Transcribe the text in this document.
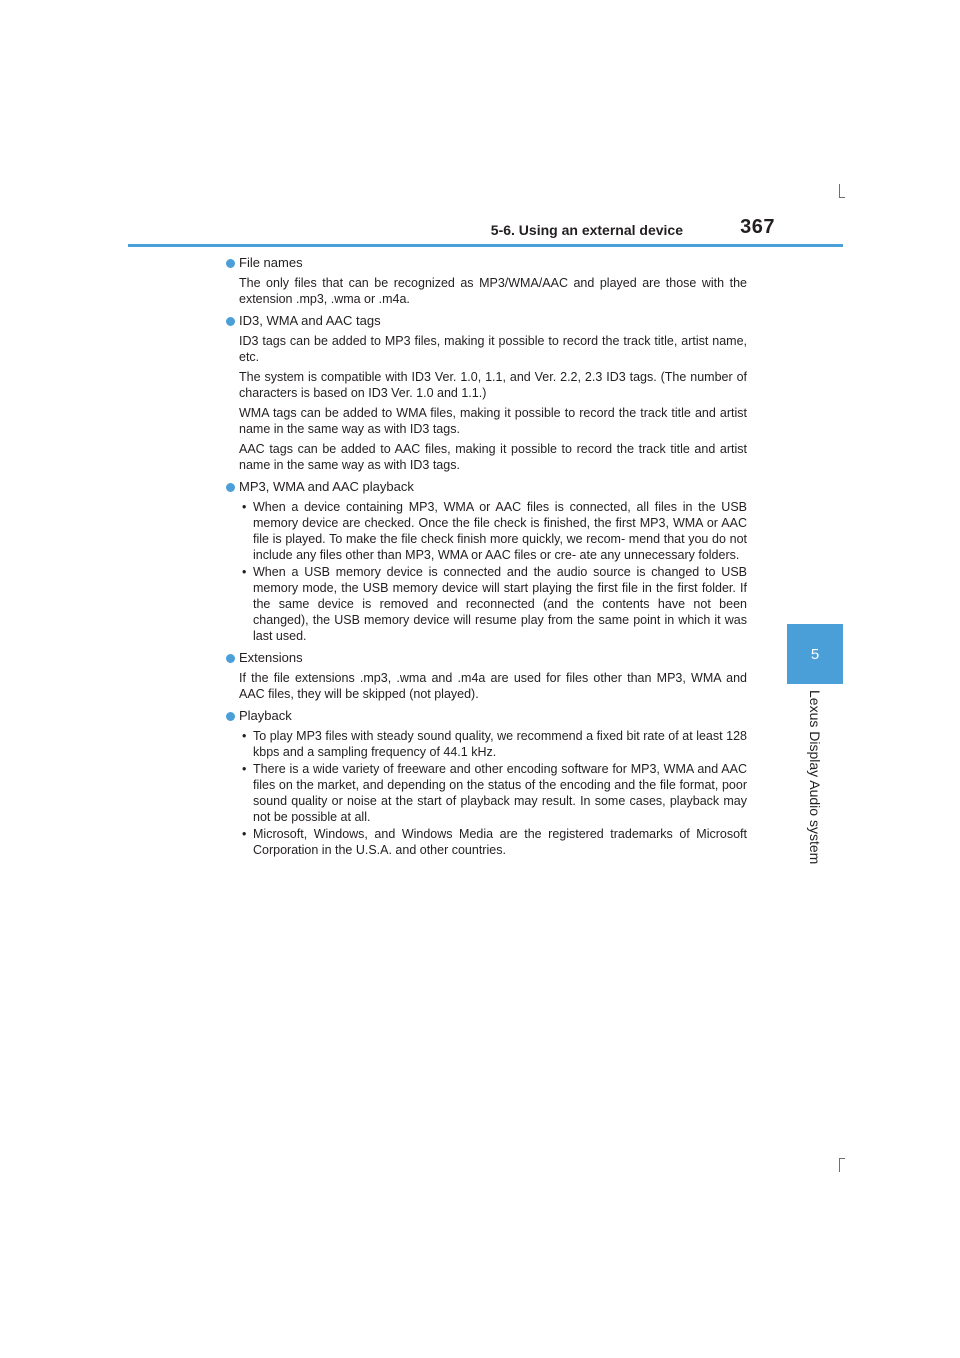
5-6. Using an external device	367
5
Lexus Display Audio system
File names

The only files that can be recognized as MP3/WMA/AAC and played are those with the extension .mp3, .wma or .m4a.

ID3, WMA and AAC tags

ID3 tags can be added to MP3 files, making it possible to record the track title, artist name, etc.

The system is compatible with ID3 Ver. 1.0, 1.1, and Ver. 2.2, 2.3 ID3 tags. (The number of characters is based on ID3 Ver. 1.0 and 1.1.)

WMA tags can be added to WMA files, making it possible to record the track title and artist name in the same way as with ID3 tags.

AAC tags can be added to AAC files, making it possible to record the track title and artist name in the same way as with ID3 tags.

MP3, WMA and AAC playback
• When a device containing MP3, WMA or AAC files is connected, all files in the USB memory device are checked. Once the file check is finished, the first MP3, WMA or AAC file is played. To make the file check finish more quickly, we recom- mend that you do not include any files other than MP3, WMA or AAC files or cre- ate any unnecessary folders.
• When a USB memory device is connected and the audio source is changed to USB memory mode, the USB memory device will start playing the first file in the first folder. If the same device is removed and reconnected (and the contents have not been changed), the USB memory device will resume play from the same point in which it was last used.
Extensions

If the file extensions .mp3, .wma and .m4a are used for files other than MP3, WMA and AAC files, they will be skipped (not played).

Playback
• To play MP3 files with steady sound quality, we recommend a fixed bit rate of at least 128 kbps and a sampling frequency of 44.1 kHz.
• There is a wide variety of freeware and other encoding software for MP3, WMA and AAC files on the market, and depending on the status of the encoding and the file format, poor sound quality or noise at the start of playback may result. In some cases, playback may not be possible at all.
• Microsoft, Windows, and Windows Media are the registered trademarks of Microsoft Corporation in the U.S.A. and other countries.
